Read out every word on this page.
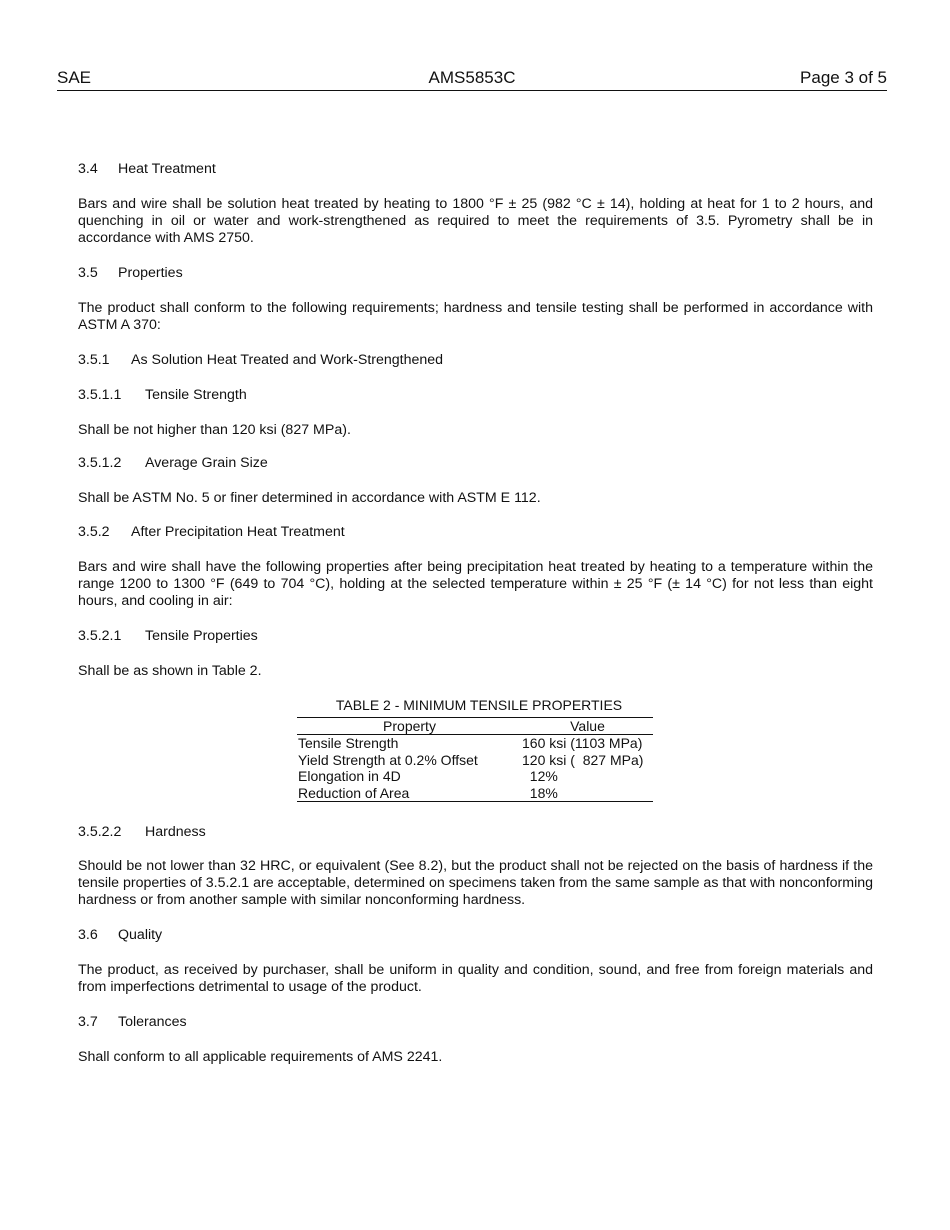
SAE	AMS5853C	Page 3 of 5

3.4 Heat Treatment

Bars and wire shall be solution heat treated by heating to 1800 °F ± 25 (982 °C ± 14), holding at heat for 1 to 2 hours, and quenching in oil or water and work-strengthened as required to meet the requirements of 3.5. Pyrometry shall be in accordance with AMS 2750.

3.5 Properties

The product shall conform to the following requirements; hardness and tensile testing shall be performed in accordance with ASTM A 370:

3.5.1 As Solution Heat Treated and Work-Strengthened

3.5.1.1 Tensile Strength

Shall be not higher than 120 ksi (827 MPa).

3.5.1.2 Average Grain Size

Shall be ASTM No. 5 or finer determined in accordance with ASTM E 112.

3.5.2 After Precipitation Heat Treatment

Bars and wire shall have the following properties after being precipitation heat treated by heating to a temperature within the range 1200 to 1300 °F (649 to 704 °C), holding at the selected temperature within ± 25 °F (± 14 °C) for not less than eight hours, and cooling in air:

3.5.2.1 Tensile Properties

Shall be as shown in Table 2.

TABLE 2 - MINIMUM TENSILE PROPERTIES
Property	Value
Tensile Strength	160 ksi (1103 MPa)
Yield Strength at 0.2% Offset	120 ksi (  827 MPa)
Elongation in 4D	12%
Reduction of Area	18%

3.5.2.2 Hardness

Should be not lower than 32 HRC, or equivalent (See 8.2), but the product shall not be rejected on the basis of hardness if the tensile properties of 3.5.2.1 are acceptable, determined on specimens taken from the same sample as that with nonconforming hardness or from another sample with similar nonconforming hardness.

3.6 Quality

The product, as received by purchaser, shall be uniform in quality and condition, sound, and free from foreign materials and from imperfections detrimental to usage of the product.

3.7 Tolerances

Shall conform to all applicable requirements of AMS 2241.
